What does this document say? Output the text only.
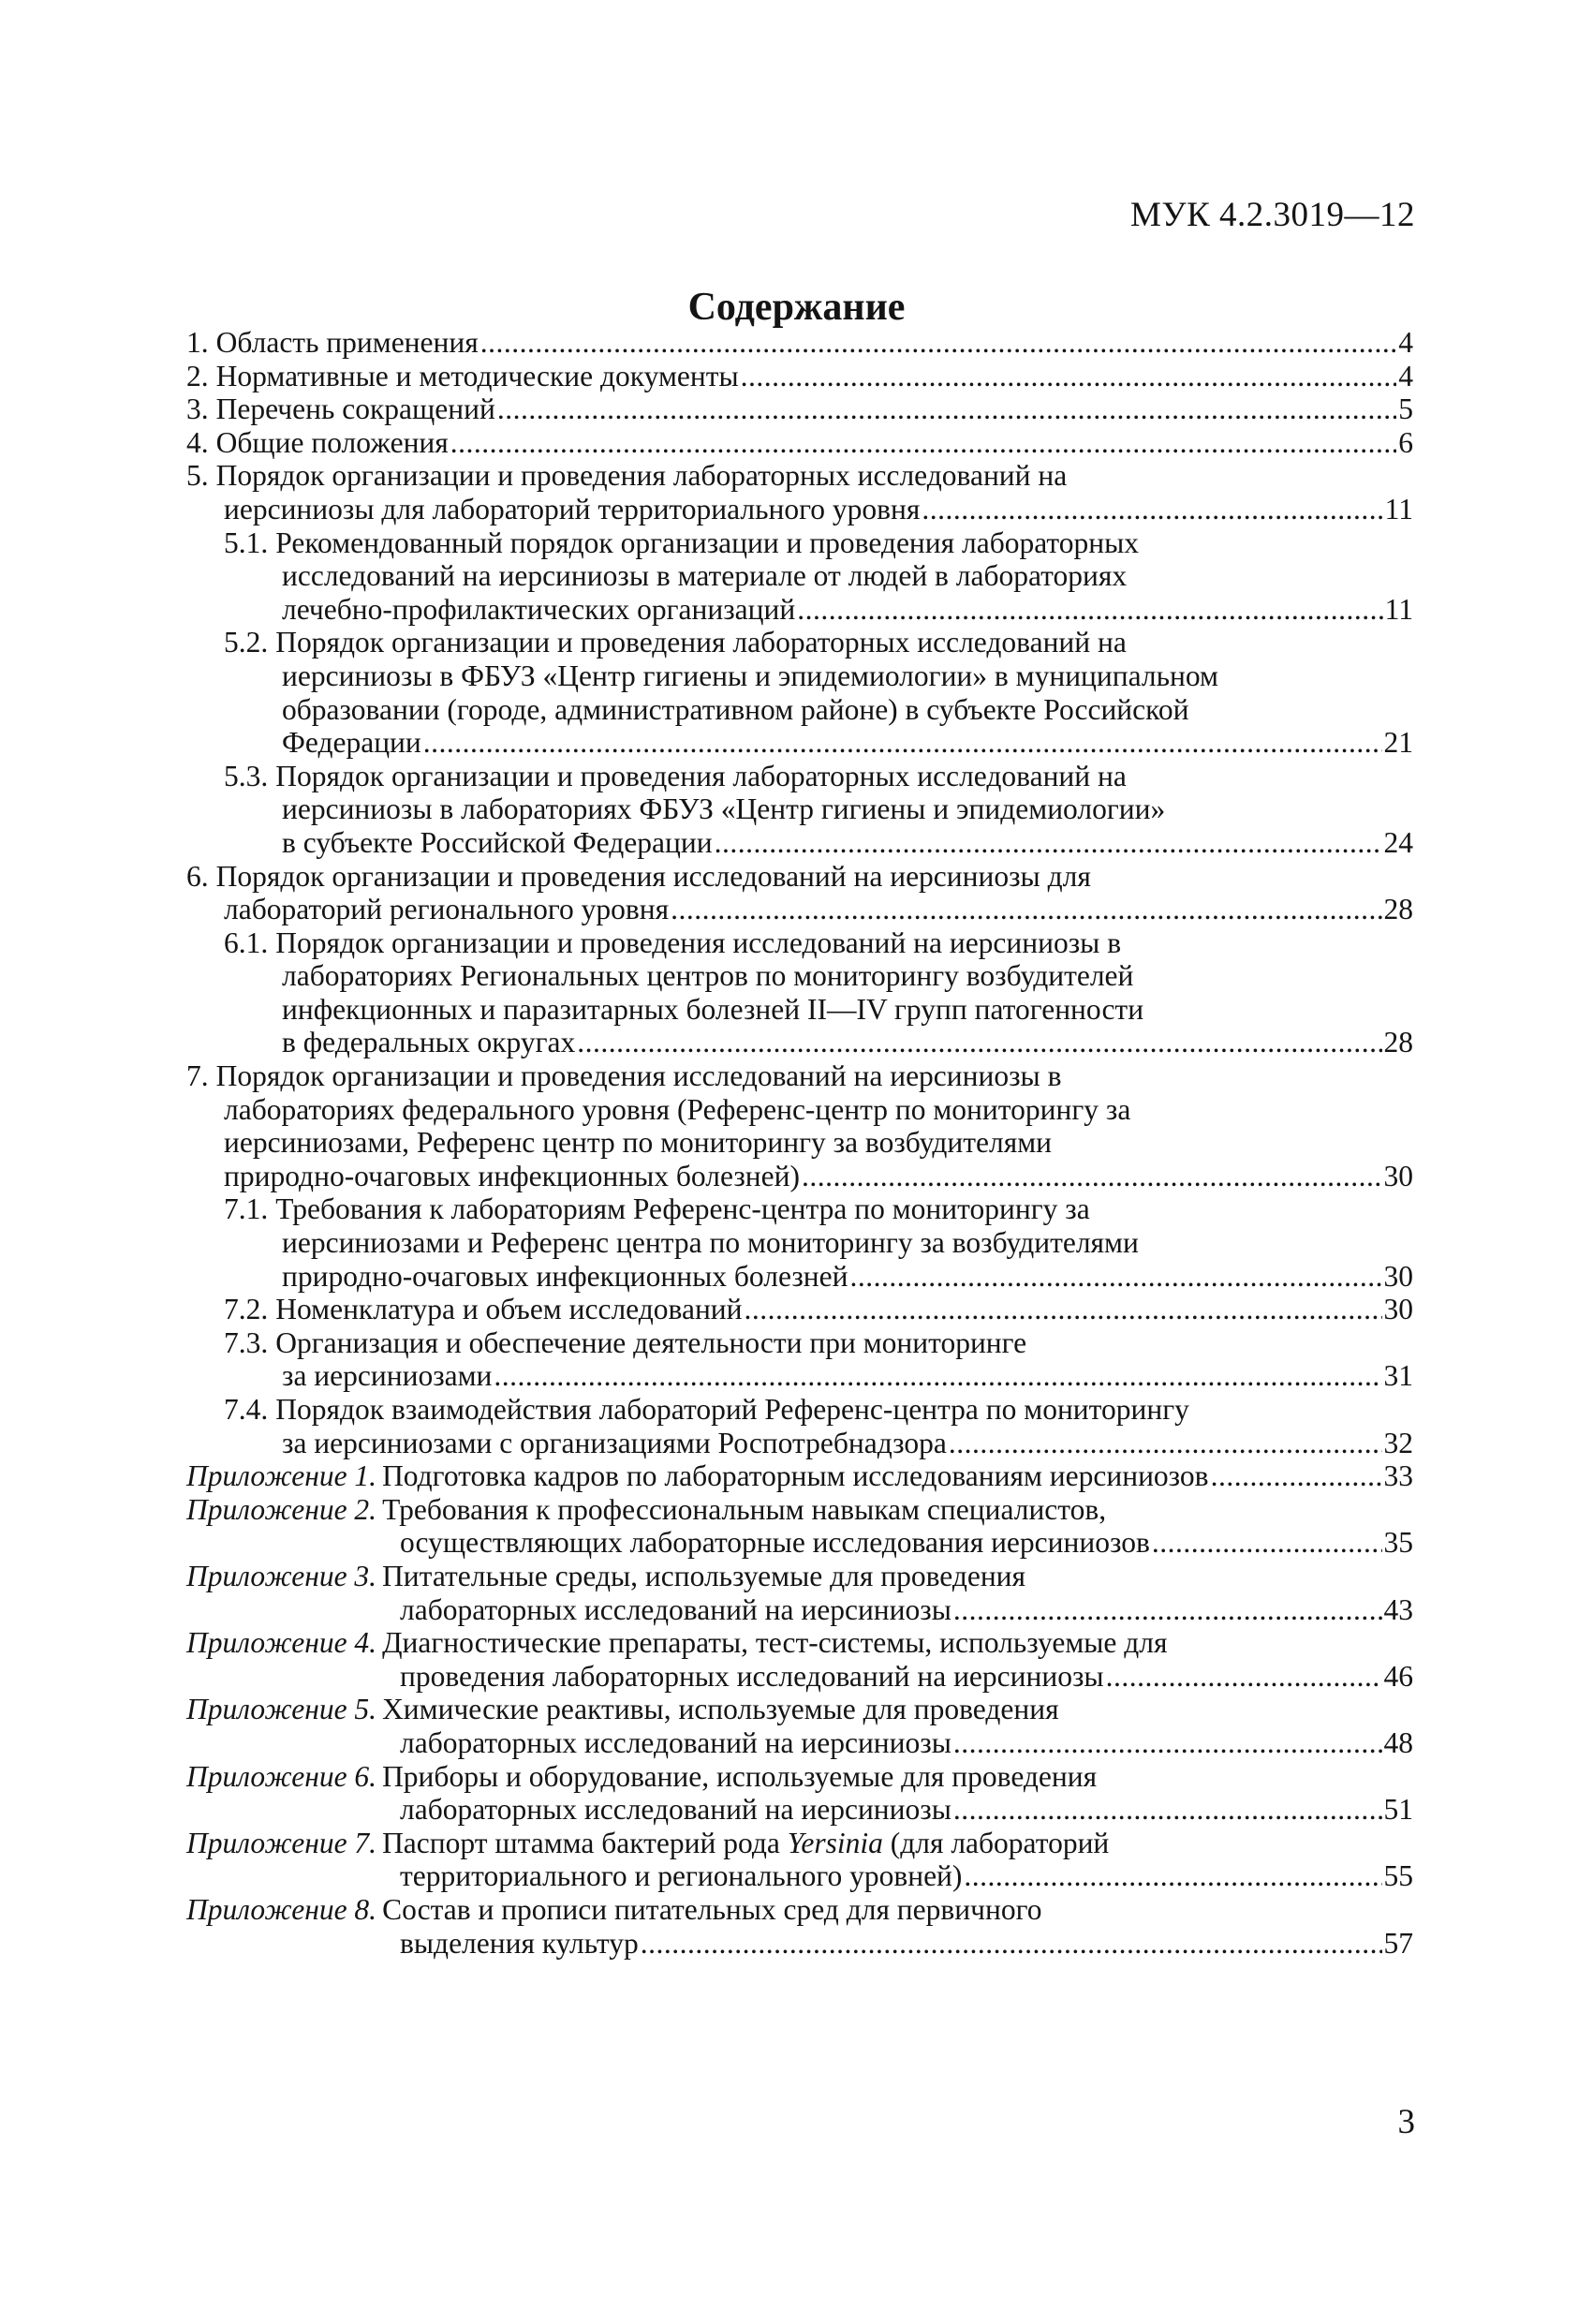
МУК 4.2.3019—12
Содержание
1. Область применения .....	4
2. Нормативные и методические документы .....	4
3. Перечень сокращений .....	5
4. Общие положения .....	6
5. Порядок организации и проведения лабораторных исследований на
иерсиниозы для лабораторий территориального уровня .....	11
5.1. Рекомендованный порядок организации и проведения лабораторных
исследований на иерсиниозы в материале от людей в лабораториях
лечебно-профилактических организаций .....	11
5.2. Порядок организации и проведения лабораторных исследований на
иерсиниозы в ФБУЗ «Центр гигиены и эпидемиологии» в муниципальном
образовании (городе, административном районе) в субъекте Российской
Федерации .....	21
5.3. Порядок организации и проведения лабораторных исследований на
иерсиниозы в лабораториях ФБУЗ «Центр гигиены и эпидемиологии»
в субъекте Российской Федерации .....	24
6. Порядок организации и проведения исследований на иерсиниозы для
лабораторий регионального уровня .....	28
6.1. Порядок организации и проведения исследований на иерсиниозы в
лабораториях Региональных центров по мониторингу возбудителей
инфекционных и паразитарных болезней II—IV групп патогенности
в федеральных округах .....	28
7. Порядок организации и проведения исследований на иерсиниозы в
лабораториях федерального уровня (Референс-центр по мониторингу за
иерсиниозами, Референс центр по мониторингу за возбудителями
природно-очаговых инфекционных болезней) .....	30
7.1. Требования к лабораториям Референс-центра по мониторингу за
иерсиниозами и Референс центра по мониторингу за возбудителями
природно-очаговых инфекционных болезней .....	30
7.2. Номенклатура и объем исследований .....	30
7.3. Организация и обеспечение деятельности при мониторинге
за иерсиниозами .....	31
7.4. Порядок взаимодействия лабораторий Референс-центра по мониторингу
за иерсиниозами с организациями Роспотребнадзора .....	32
Приложение 1. Подготовка кадров по лабораторным исследованиям иерсиниозов .....	33
Приложение 2. Требования к профессиональным навыкам специалистов,
осуществляющих лабораторные исследования иерсиниозов .....	35
Приложение 3. Питательные среды, используемые для проведения
лабораторных исследований на иерсиниозы .....	43
Приложение 4. Диагностические препараты, тест-системы, используемые для
проведения лабораторных исследований на иерсиниозы .....	46
Приложение 5. Химические реактивы, используемые для проведения
лабораторных исследований на иерсиниозы .....	48
Приложение 6. Приборы и оборудование, используемые для проведения
лабораторных исследований на иерсиниозы .....	51
Приложение 7. Паспорт штамма бактерий рода Yersinia (для лабораторий
территориального и регионального уровней) .....	55
Приложение 8. Состав и прописи питательных сред для первичного
выделения культур .....	57
3
